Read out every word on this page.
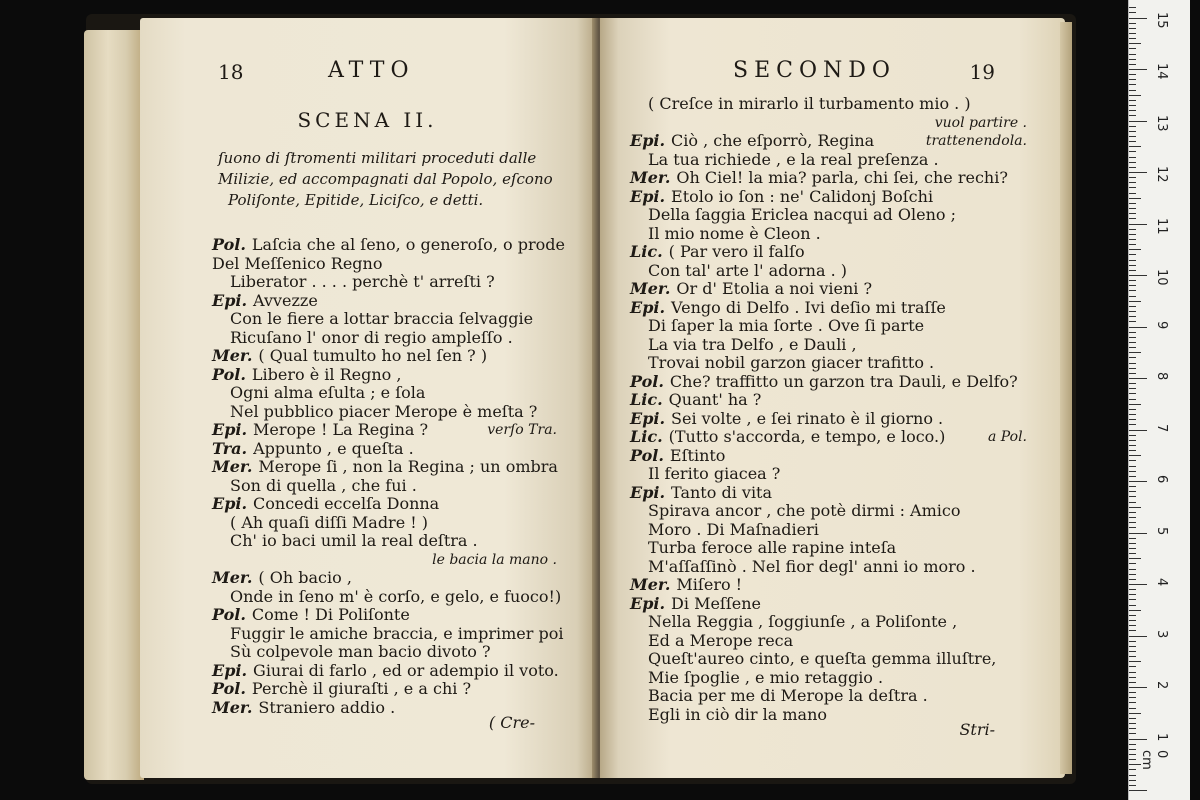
18	ATTO
SCENA II.
ſuono di ſtromenti militari proceduti dalle
Milizie, ed accompagnati dal Popolo, eſcono
Poliſonte, Epitide, Liciſco, e detti.
Pol. Laſcia che al ſeno, o generoſo, o prode
Del Meſſenico Regno
Liberator . . . . perchè t' arreſti ?
Epi. Avvezze
Con le fiere a lottar braccia ſelvaggie
Ricuſano l' onor di regio ampleſſo .
Mer. ( Qual tumulto ho nel ſen ? )
Pol. Libero è il Regno ,
Ogni alma eſulta ; e ſola
Nel pubblico piacer Merope è meſta ?
Epi. Merope ! La Regina ?	verſo Tra.
Tra. Appunto , e queſta .
Mer. Merope ſi , non la Regina ; un ombra
Son di quella , che fui .
Epi. Concedi eccelſa Donna
( Ah quaſi diſſi Madre ! )
Ch' io baci umil la real deſtra .
le bacia la mano .
Mer. ( Oh bacio ,
Onde in ſeno m' è corſo, e gelo, e fuoco!)
Pol. Come ! Di Poliſonte
Fuggir le amiche braccia, e imprimer poi
Sù colpevole man bacio divoto ?
Epi. Giurai di farlo , ed or adempio il voto.
Pol. Perchè il giuraſti , e a chi ?
Mer. Straniero addio .
( Cre-
SECONDO	19
( Creſce in mirarlo il turbamento mio . )
vuol partire .
Epi. Ciò , che eſporrò, Regina	trattenendola.
La tua richiede , e la real preſenza .
Mer. Oh Ciel! la mia? parla, chi ſei, che rechi?
Epi. Etolo io ſon : ne' Calidonj Boſchi
Della ſaggia Ericlea nacqui ad Oleno ;
Il mio nome è Cleon .
Lic. ( Par vero il falſo
Con tal' arte l' adorna . )
Mer. Or d' Etolia a noi vieni ?
Epi. Vengo di Delfo . Ivi deſio mi traſſe
Di ſaper la mia ſorte . Ove ſi parte
La via tra Delfo , e Dauli ,
Trovai nobil garzon giacer trafitto .
Pol. Che? traffitto un garzon tra Dauli, e Delfo?
Lic. Quant' ha ?
Epi. Sei volte , e ſei rinato è il giorno .
Lic. (Tutto s'accorda, e tempo, e loco.)	a Pol.
Pol. Eſtinto
Il ferito giacea ?
Epi. Tanto di vita
Spirava ancor , che potè dirmi : Amico
Moro . Di Maſnadieri
Turba feroce alle rapine inteſa
M'aſſaſſinò . Nel fior degl' anni io moro .
Mer. Miſero !
Epi. Di Meſſene
Nella Reggia , ſoggiunſe , a Poliſonte ,
Ed a Merope reca
Queſt'aureo cinto, e queſta gemma illuſtre,
Mie ſpoglie , e mio retaggio .
Bacia per me di Merope la deſtra .
Egli in ciò dir la mano
Stri-	1
2
3
4
5
6
7
8
9
10
11
12
13
14
15
0 cm
